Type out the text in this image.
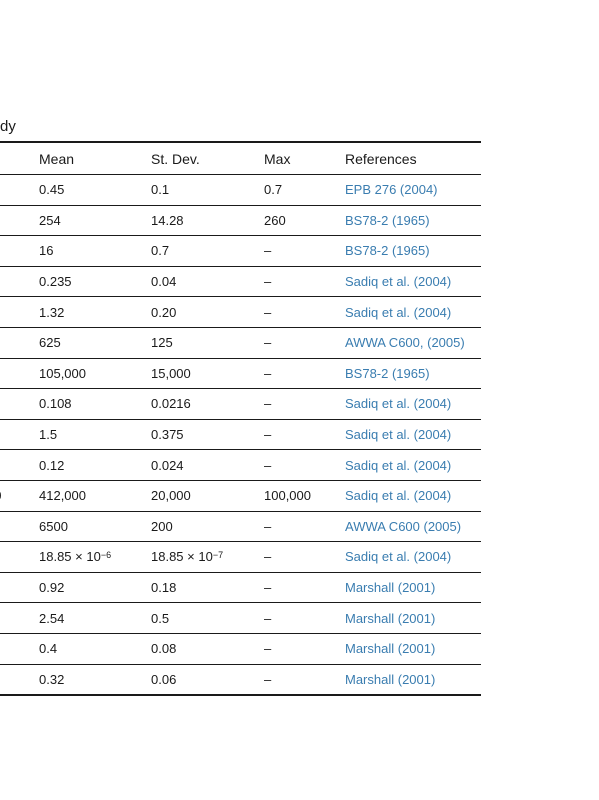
dy
Mean	St. Dev.	Max	References
0.45	0.1	0.7	EPB 276 (2004)
254	14.28	260	BS78-2 (1965)
16	0.7	–	BS78-2 (1965)
0.235	0.04	–	Sadiq et al. (2004)
1.32	0.20	–	Sadiq et al. (2004)
625	125	–	AWWA C600, (2005)
105,000	15,000	–	BS78-2 (1965)
0.108	0.0216	–	Sadiq et al. (2004)
1.5	0.375	–	Sadiq et al. (2004)
0.12	0.024	–	Sadiq et al. (2004)
412,000	20,000	100,000	Sadiq et al. (2004)
6500	200	–	AWWA C600 (2005)
$18.85 \times 10^{-6}$	$18.85 \times 10^{-7}$	–	Sadiq et al. (2004)
0.92	0.18	–	Marshall (2001)
2.54	0.5	–	Marshall (2001)
0.4	0.08	–	Marshall (2001)
0.32	0.06	–	Marshall (2001)
